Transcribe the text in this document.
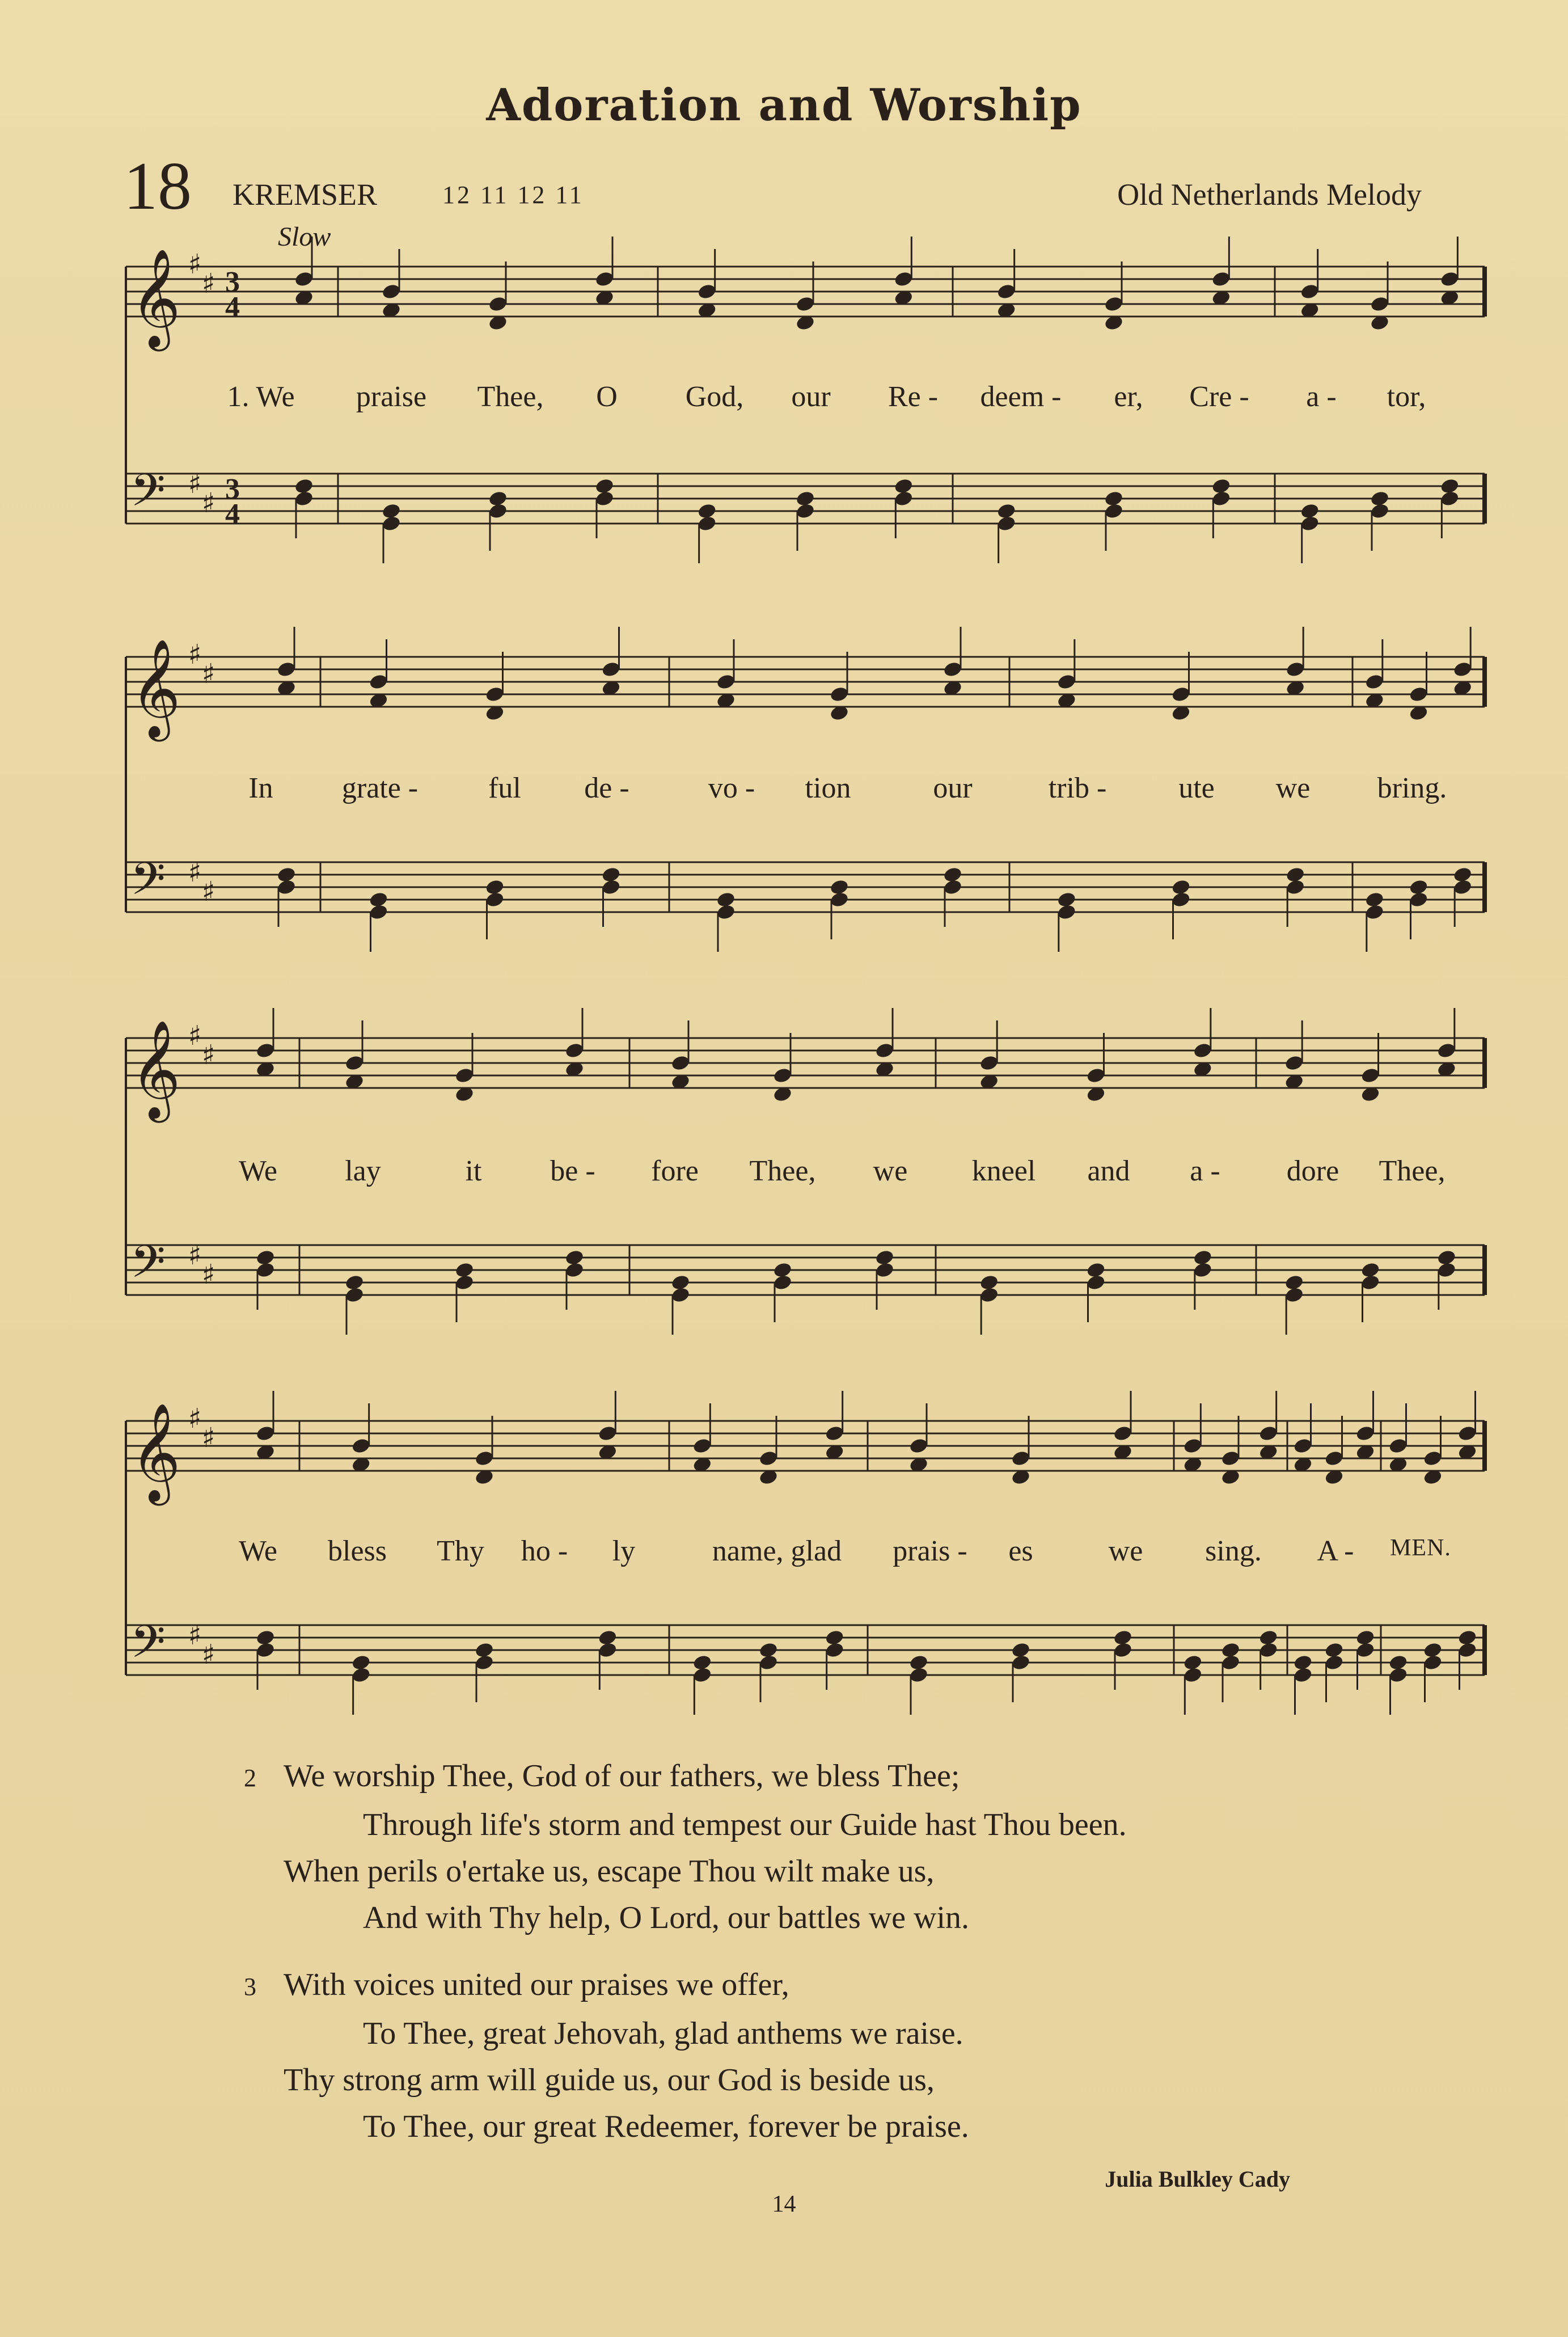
Adoration and Worship
18 KREMSER	12 11 12 11	Old Netherlands Melody
Slow
𝄞 ♯
♯ 3
4
𝄢 ♯
♯ 3
4
𝄞 ♯
♯
𝄢 ♯
♯
𝄞 ♯
♯
𝄢 ♯
♯
𝄞 ♯
♯
𝄢 ♯
♯
1. We praise Thee, O God, our Re - deem - er, Cre - a - tor,
In grate - ful de -	vo - tion	our	trib - ute we bring.
We lay	it be - fore Thee, we kneel and a - dore Thee,
We bless Thy ho - ly	name, glad prais - es	we sing. A - MEN.
2 We worship Thee, God of our fathers, we bless Thee;
Through life's storm and tempest our Guide hast Thou been.
When perils o'ertake us, escape Thou wilt make us,
And with Thy help, O Lord, our battles we win.
3 With voices united our praises we offer,
To Thee, great Jehovah, glad anthems we raise.
Thy strong arm will guide us, our God is beside us,
To Thee, our great Redeemer, forever be praise.
Julia Bulkley Cady
14
